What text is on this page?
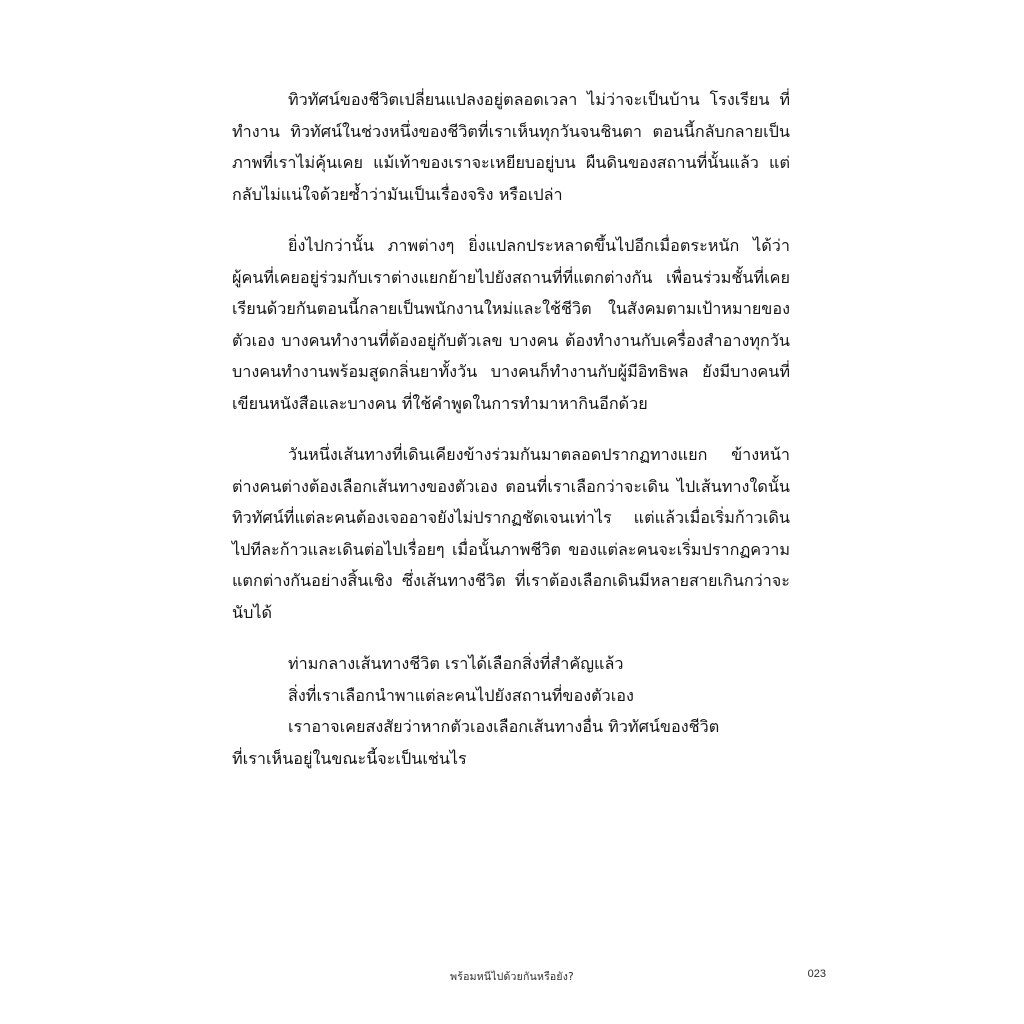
ทิวทัศน์ของชีวิตเปลี่ยนแปลงอยู่ตลอดเวลา ไม่ว่าจะเป็นบ้าน โรงเรียน ที่ทำงาน ทิวทัศน์ในช่วงหนึ่งของชีวิตที่เราเห็นทุกวันจนชินตา ตอนนี้กลับกลายเป็นภาพที่เราไม่คุ้นเคย แม้เท้าของเราจะเหยียบอยู่บน ผืนดินของสถานที่นั้นแล้ว แต่กลับไม่แน่ใจด้วยซ้ำว่ามันเป็นเรื่องจริง หรือเปล่า

ยิ่งไปกว่านั้น ภาพต่างๆ ยิ่งแปลกประหลาดขึ้นไปอีกเมื่อตระหนัก ได้ว่าผู้คนที่เคยอยู่ร่วมกับเราต่างแยกย้ายไปยังสถานที่ที่แตกต่างกัน เพื่อนร่วมชั้นที่เคยเรียนด้วยกันตอนนี้กลายเป็นพนักงานใหม่และใช้ชีวิต ในสังคมตามเป้าหมายของตัวเอง บางคนทำงานที่ต้องอยู่กับตัวเลข บางคน ต้องทำงานกับเครื่องสำอางทุกวัน บางคนทำงานพร้อมสูดกลิ่นยาทั้งวัน บางคนก็ทำงานกับผู้มีอิทธิพล ยังมีบางคนที่เขียนหนังสือและบางคน ที่ใช้คำพูดในการทำมาหากินอีกด้วย

วันหนึ่งเส้นทางที่เดินเคียงข้างร่วมกันมาตลอดปรากฏทางแยก ข้างหน้า ต่างคนต่างต้องเลือกเส้นทางของตัวเอง ตอนที่เราเลือกว่าจะเดิน ไปเส้นทางใดนั้น ทิวทัศน์ที่แต่ละคนต้องเจออาจยังไม่ปรากฏชัดเจนเท่าไร แต่แล้วเมื่อเริ่มก้าวเดินไปทีละก้าวและเดินต่อไปเรื่อยๆ เมื่อนั้นภาพชีวิต ของแต่ละคนจะเริ่มปรากฏความแตกต่างกันอย่างสิ้นเชิง ซึ่งเส้นทางชีวิต ที่เราต้องเลือกเดินมีหลายสายเกินกว่าจะนับได้

ท่ามกลางเส้นทางชีวิต เราได้เลือกสิ่งที่สำคัญแล้ว
สิ่งที่เราเลือกนำพาแต่ละคนไปยังสถานที่ของตัวเอง
เราอาจเคยสงสัยว่าหากตัวเองเลือกเส้นทางอื่น ทิวทัศน์ของชีวิต
ที่เราเห็นอยู่ในขณะนี้จะเป็นเช่นไร
พร้อมหนีไปด้วยกันหรือยัง?	023
